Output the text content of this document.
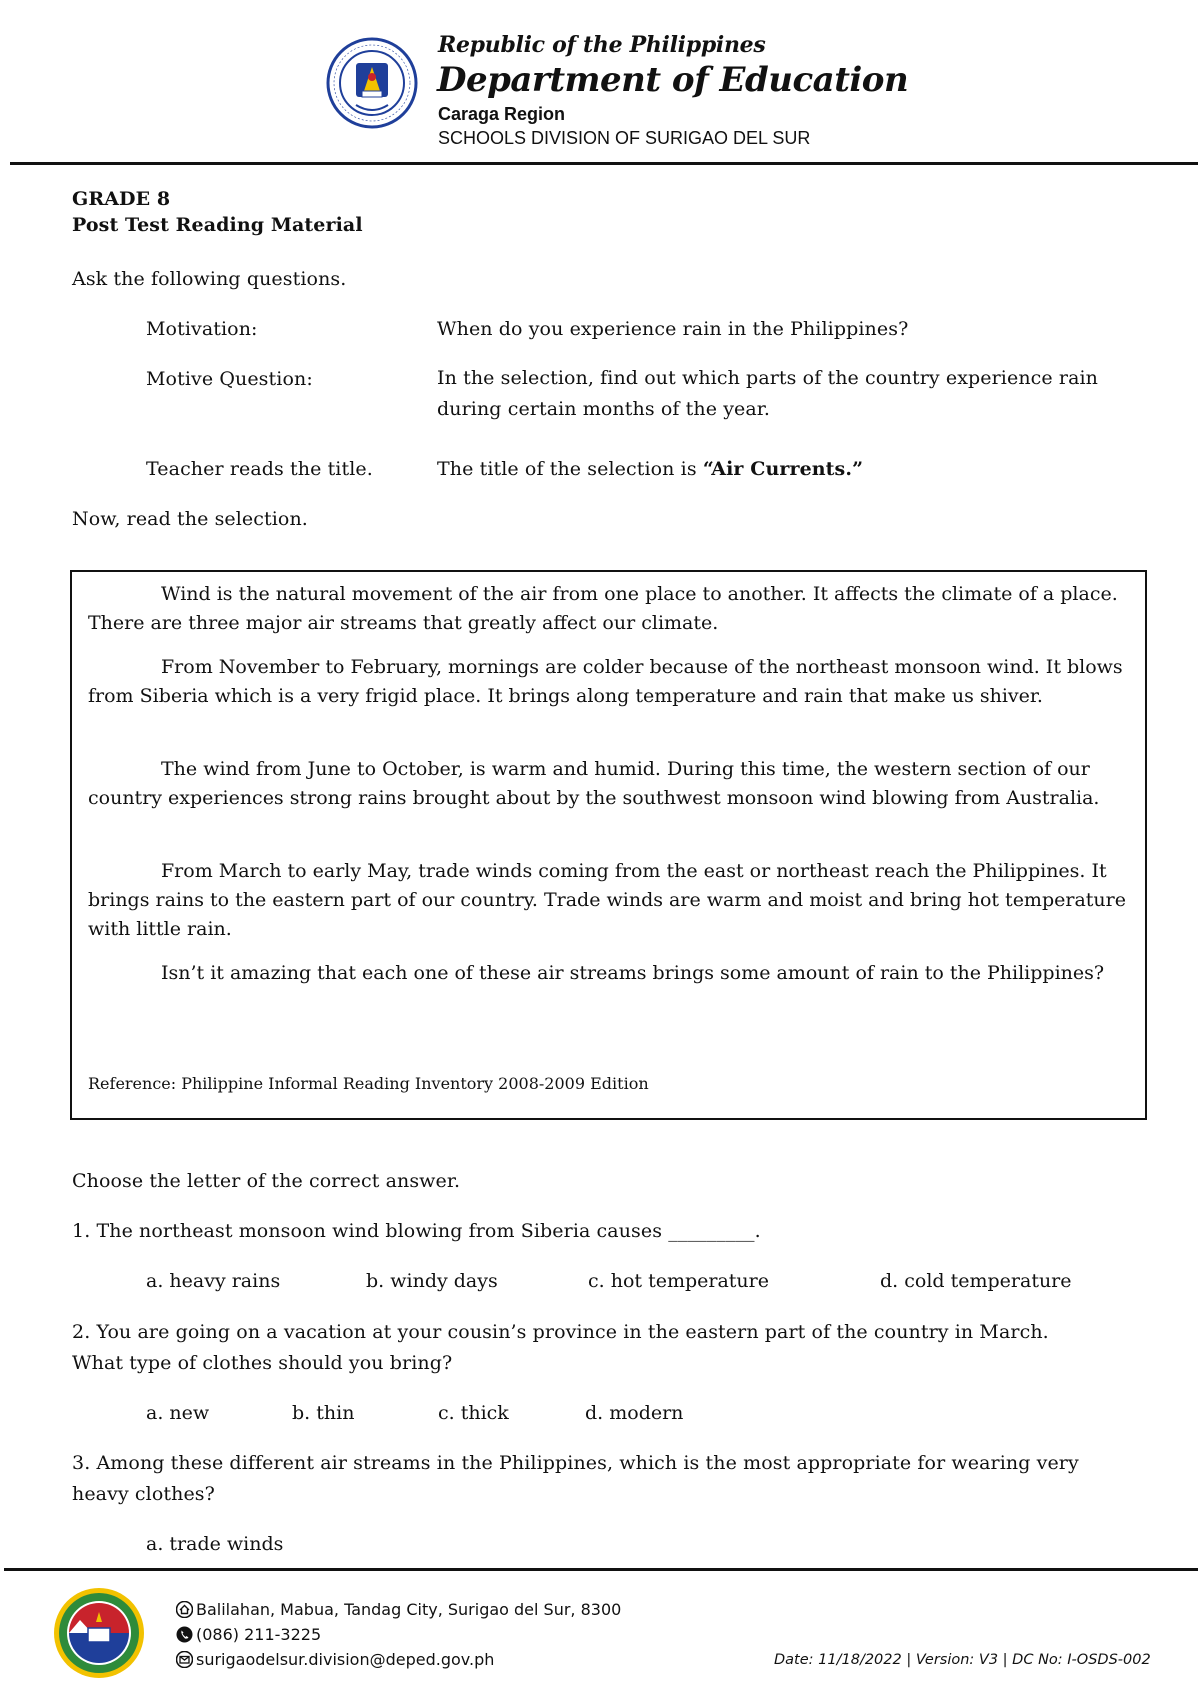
Republic of the Philippines
Department of Education
Caraga Region
SCHOOLS DIVISION OF SURIGAO DEL SUR
GRADE 8
Post Test Reading Material
Ask the following questions.
Motivation:	When do you experience rain in the Philippines?
Motive Question:	In the selection, find out which parts of the country experience rain during certain months of the year.
Teacher reads the title.	The title of the selection is “Air Currents.”
Now, read the selection.

Wind is the natural movement of the air from one place to another. It affects the climate of a place. There are three major air streams that greatly affect our climate.

From November to February, mornings are colder because of the northeast monsoon wind. It blows from Siberia which is a very frigid place. It brings along temperature and rain that make us shiver.

The wind from June to October, is warm and humid. During this time, the western section of our country experiences strong rains brought about by the southwest monsoon wind blowing from Australia.

From March to early May, trade winds coming from the east or northeast reach the Philippines. It brings rains to the eastern part of our country. Trade winds are warm and moist and bring hot temperature with little rain.

Isn’t it amazing that each one of these air streams brings some amount of rain to the Philippines?

Reference: Philippine Informal Reading Inventory 2008-2009 Edition
Choose the letter of the correct answer.
1. The northeast monsoon wind blowing from Siberia causes _________.
a. heavy rains	b. windy days	c. hot temperature	d. cold temperature
2. You are going on a vacation at your cousin’s province in the eastern part of the country in March. What type of clothes should you bring?
a. new	b. thin	c. thick	d. modern
3. Among these different air streams in the Philippines, which is the most appropriate for wearing very heavy clothes?
a. trade winds
Balilahan, Mabua, Tandag City, Surigao del Sur, 8300
(086) 211-3225
surigaodelsur.division@deped.gov.ph	Date: 11/18/2022 | Version: V3 | DC No: I-OSDS-002
